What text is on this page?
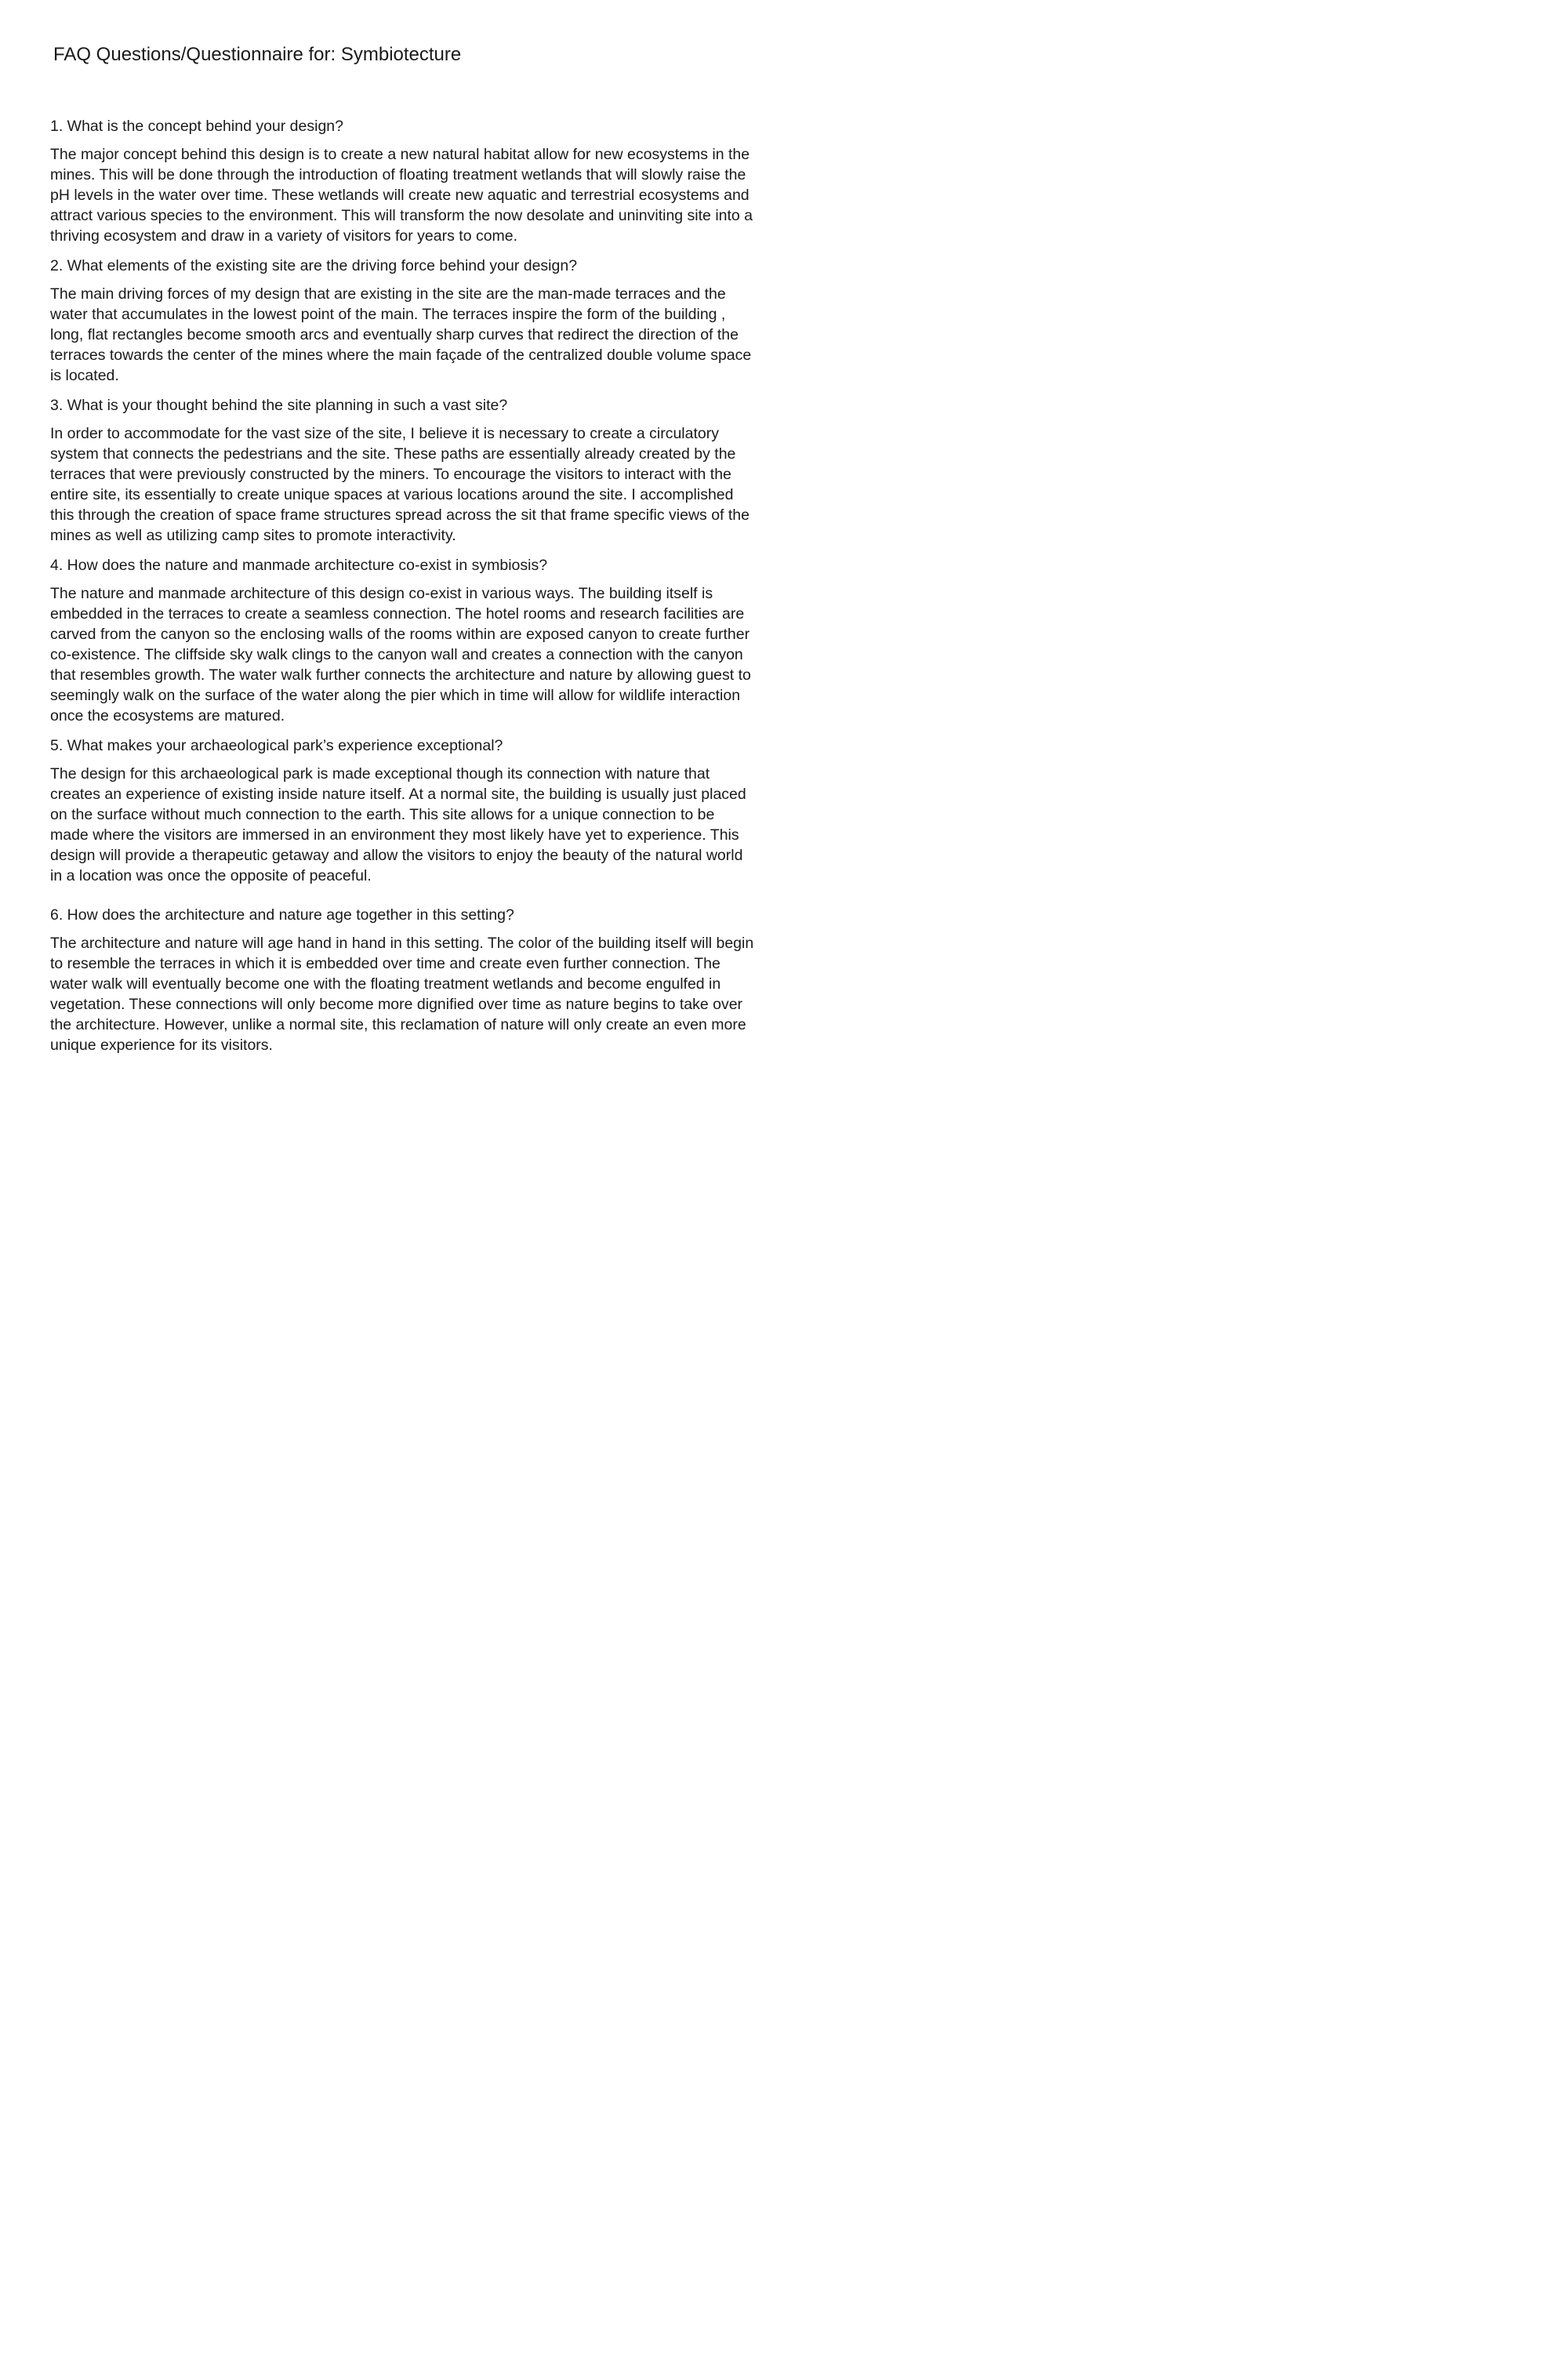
FAQ Questions/Questionnaire for: Symbiotecture

1. What is the concept behind your design?

The major concept behind this design is to create a new natural habitat allow for new ecosystems in the mines. This will be done through the introduction of floating treatment wetlands that will slowly raise the pH levels in the water over time. These wetlands will create new aquatic and terrestrial ecosystems and attract various species to the environment. This will transform the now desolate and uninviting site into a thriving ecosystem and draw in a variety of visitors for years to come.

2. What elements of the existing site are the driving force behind your design?

The main driving forces of my design that are existing in the site are the man-made terraces and the water that accumulates in the lowest point of the main. The terraces inspire the form of the building , long, flat rectangles become smooth arcs and eventually sharp curves that redirect the direction of the terraces towards the center of the mines where the main façade of the centralized double volume space is located.

3. What is your thought behind the site planning in such a vast site?

In order to accommodate for the vast size of the site, I believe it is necessary to create a circulatory system that connects the pedestrians and the site. These paths are essentially already created by the terraces that were previously constructed by the miners. To encourage the visitors to interact with the entire site, its essentially to create unique spaces at various locations around the site. I accomplished this through the creation of space frame structures spread across the sit that frame specific views of the mines as well as utilizing camp sites to promote interactivity.

4. How does the nature and manmade architecture co-exist in symbiosis?

The nature and manmade architecture of this design co-exist in various ways. The building itself is embedded in the terraces to create a seamless connection. The hotel rooms and research facilities are carved from the canyon so the enclosing walls of the rooms within are exposed canyon to create further co-existence. The cliffside sky walk clings to the canyon wall and creates a connection with the canyon that resembles growth. The water walk further connects the architecture and nature by allowing guest to seemingly walk on the surface of the water along the pier which in time will allow for wildlife interaction once the ecosystems are matured.

5. What makes your archaeological park’s experience exceptional?

The design for this archaeological park is made exceptional though its connection with nature that creates an experience of existing inside nature itself. At a normal site, the building is usually just placed on the surface without much connection to the earth. This site allows for a unique connection to be made where the visitors are immersed in an environment they most likely have yet to experience. This design will provide a therapeutic getaway and allow the visitors to enjoy the beauty of the natural world in a location was once the opposite of peaceful.

6. How does the architecture and nature age together in this setting?

The architecture and nature will age hand in hand in this setting. The color of the building itself will begin to resemble the terraces in which it is embedded over time and create even further connection. The water walk will eventually become one with the floating treatment wetlands and become engulfed in vegetation. These connections will only become more dignified over time as nature begins to take over the architecture. However, unlike a normal site, this reclamation of nature will only create an even more unique experience for its visitors.
